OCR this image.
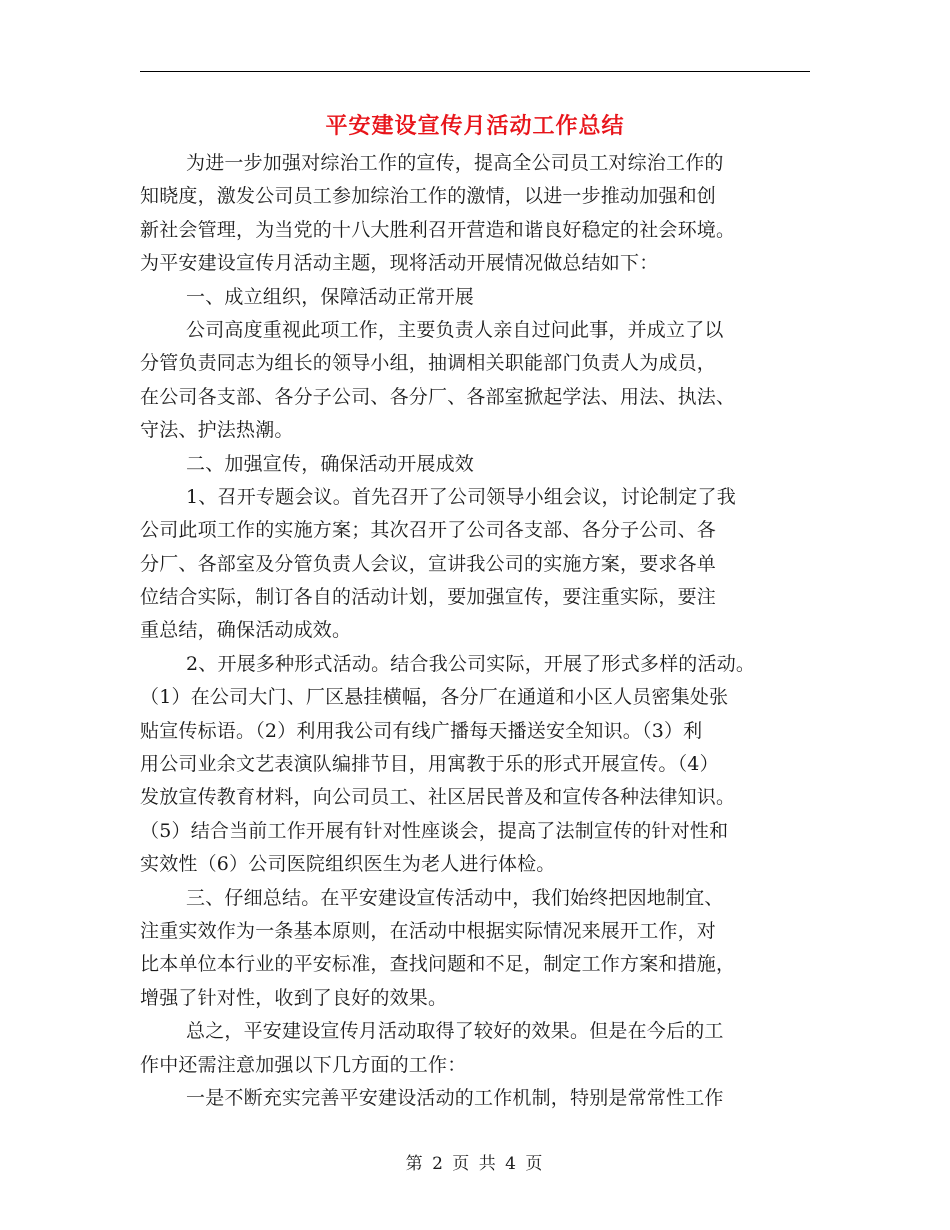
平安建设宣传月活动工作总结
为进一步加强对综治工作的宣传，提高全公司员工对综治工作的
知晓度，激发公司员工参加综治工作的激情，以进一步推动加强和创
新社会管理，为当党的十八大胜利召开营造和谐良好稳定的社会环境。
为平安建设宣传月活动主题，现将活动开展情况做总结如下：
一、成立组织，保障活动正常开展
公司高度重视此项工作，主要负责人亲自过问此事，并成立了以
分管负责同志为组长的领导小组，抽调相关职能部门负责人为成员，
在公司各支部、各分子公司、各分厂、各部室掀起学法、用法、执法、
守法、护法热潮。
二、加强宣传，确保活动开展成效
1、召开专题会议。首先召开了公司领导小组会议，讨论制定了我
公司此项工作的实施方案；其次召开了公司各支部、各分子公司、各
分厂、各部室及分管负责人会议，宣讲我公司的实施方案，要求各单
位结合实际，制订各自的活动计划，要加强宣传，要注重实际，要注
重总结，确保活动成效。
2、开展多种形式活动。结合我公司实际，开展了形式多样的活动。
（1）在公司大门、厂区悬挂横幅，各分厂在通道和小区人员密集处张
贴宣传标语。（2）利用我公司有线广播每天播送安全知识。（3）利
用公司业余文艺表演队编排节目，用寓教于乐的形式开展宣传。（4）
发放宣传教育材料，向公司员工、社区居民普及和宣传各种法律知识。
（5）结合当前工作开展有针对性座谈会，提高了法制宣传的针对性和
实效性（6）公司医院组织医生为老人进行体检。
三、仔细总结。在平安建设宣传活动中，我们始终把因地制宜、
注重实效作为一条基本原则，在活动中根据实际情况来展开工作，对
比本单位本行业的平安标准，查找问题和不足，制定工作方案和措施，
增强了针对性，收到了良好的效果。
总之，平安建设宣传月活动取得了较好的效果。但是在今后的工
作中还需注意加强以下几方面的工作：
一是不断充实完善平安建设活动的工作机制，特别是常常性工作
第 2 页 共 4 页
